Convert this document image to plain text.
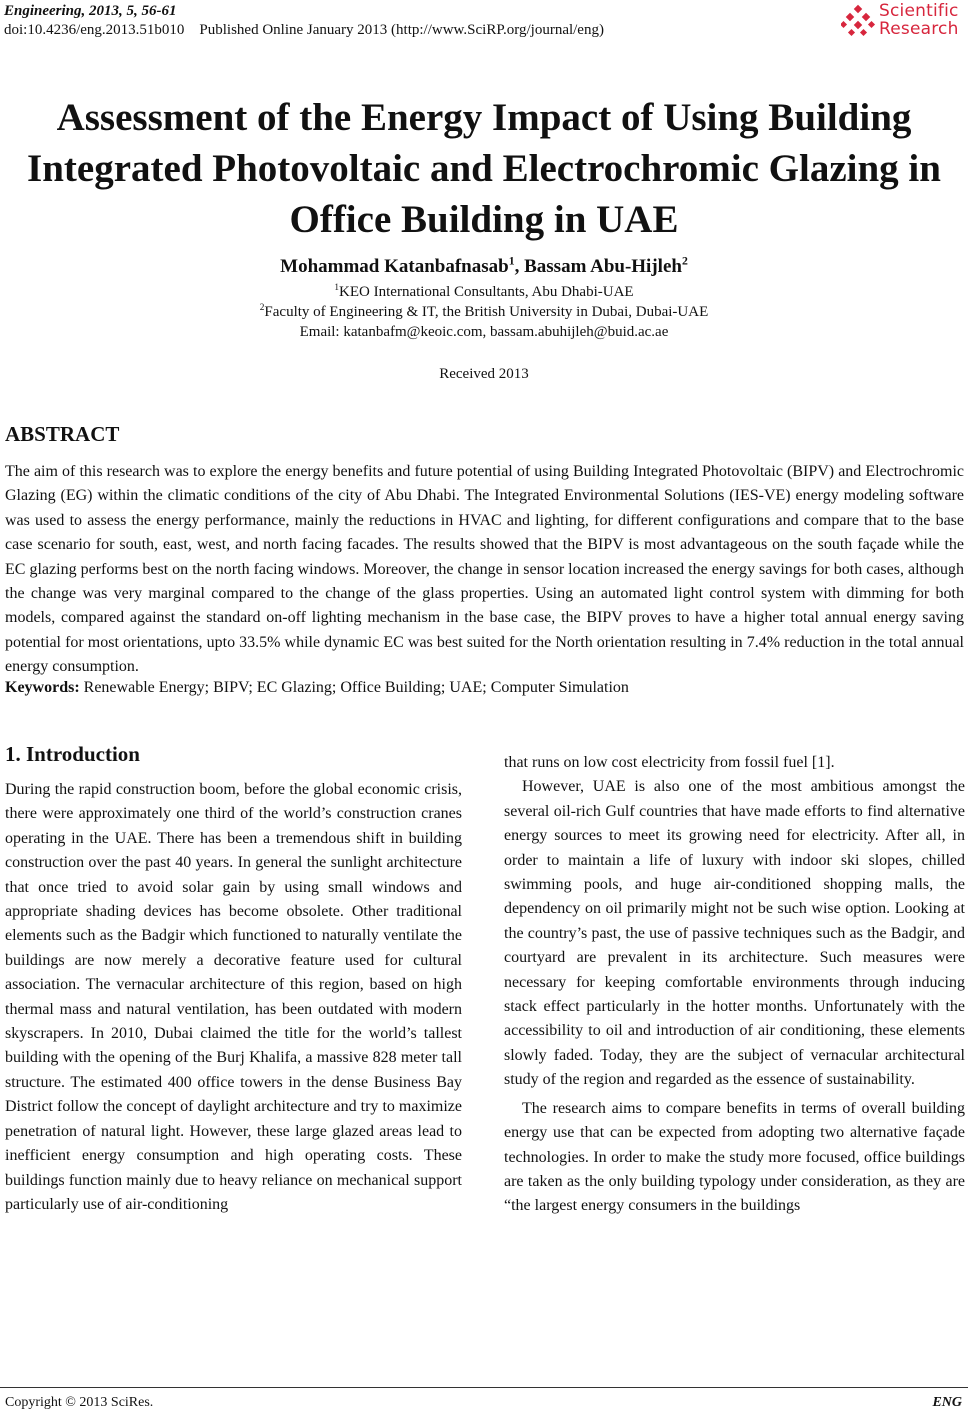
Engineering, 2013, 5, 56-61
doi:10.4236/eng.2013.51b010    Published Online January 2013 (http://www.SciRP.org/journal/eng)
Scientific
Research
Assessment of the Energy Impact of Using Building
Integrated Photovoltaic and Electrochromic Glazing in
Office Building in UAE
Mohammad Katanbafnasab$^1$, Bassam Abu-Hijleh$^2$
$^1$KEO International Consultants, Abu Dhabi-UAE
$^2$Faculty of Engineering & IT, the British University in Dubai, Dubai-UAE
Email: katanbafm@keoic.com, bassam.abuhijleh@buid.ac.ae
Received 2013
ABSTRACT
The aim of this research was to explore the energy benefits and future potential of using Building Integrated Photovoltaic (BIPV) and Electrochromic Glazing (EG) within the climatic conditions of the city of Abu Dhabi. The Integrated Environmental Solutions (IES-VE) energy modeling software was used to assess the energy performance, mainly the reductions in HVAC and lighting, for different configurations and compare that to the base case scenario for south, east, west, and north facing facades. The results showed that the BIPV is most advantageous on the south façade while the EC glazing performs best on the north facing windows. Moreover, the change in sensor location increased the energy savings for both cases, although the change was very marginal compared to the change of the glass properties. Using an automated light control system with dimming for both models, compared against the standard on-off lighting mechanism in the base case, the BIPV proves to have a higher total annual energy saving potential for most orientations, upto 33.5% while dynamic EC was best suited for the North orientation resulting in 7.4% reduction in the total annual energy consumption.
Keywords: Renewable Energy; BIPV; EC Glazing; Office Building; UAE; Computer Simulation
1. Introduction

During the rapid construction boom, before the global economic crisis, there were approximately one third of the world’s construction cranes operating in the UAE. There has been a tremendous shift in building construction over the past 40 years. In general the sunlight architecture that once tried to avoid solar gain by using small windows and appropriate shading devices has become obsolete. Other traditional elements such as the Badgir which functioned to naturally ventilate the buildings are now merely a decorative feature used for cultural association. The vernacular architecture of this region, based on high thermal mass and natural ventilation, has been outdated with modern skyscrapers. In 2010, Dubai claimed the title for the world’s tallest building with the opening of the Burj Khalifa, a massive 828 meter tall structure. The estimated 400 office towers in the dense Business Bay District follow the concept of daylight architecture and try to maximize penetration of natural light. However, these large glazed areas lead to inefficient energy consumption and high operating costs. These buildings function mainly due to heavy reliance on mechanical support particularly use of air-conditioning

that runs on low cost electricity from fossil fuel [1].

However, UAE is also one of the most ambitious amongst the several oil-rich Gulf countries that have made efforts to find alternative energy sources to meet its growing need for electricity. After all, in order to maintain a life of luxury with indoor ski slopes, chilled swimming pools, and huge air-conditioned shopping malls, the dependency on oil primarily might not be such wise option. Looking at the country’s past, the use of passive techniques such as the Badgir, and courtyard are prevalent in its architecture. Such measures were necessary for keeping comfortable environments through inducing stack effect particularly in the hotter months. Unfortunately with the accessibility to oil and introduction of air conditioning, these elements slowly faded. Today, they are the subject of vernacular architectural study of the region and regarded as the essence of sustainability.

The research aims to compare benefits in terms of overall building energy use that can be expected from adopting two alternative façade technologies. In order to make the study more focused, office buildings are taken as the only building typology under consideration, as they are “the largest energy consumers in the buildings

Copyright © 2013 SciRes.	ENG
